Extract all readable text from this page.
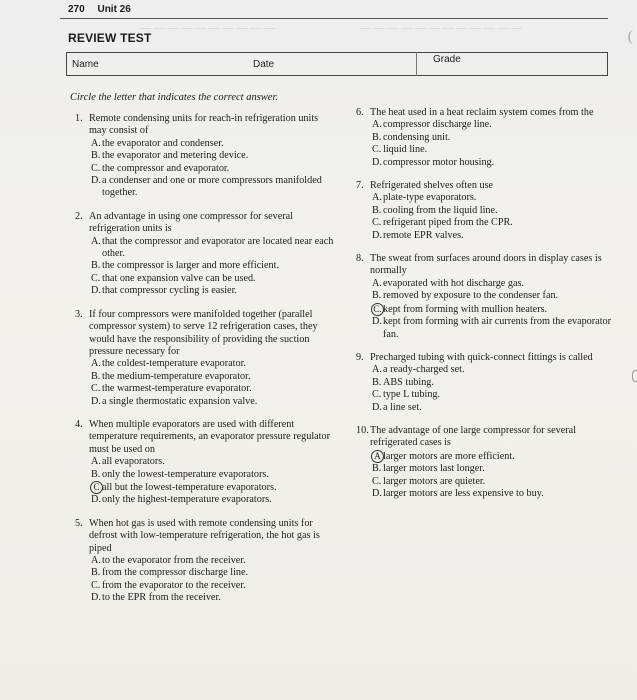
— — — — — — — — — —	— — — — — — — — — — — —
270 Unit 26
(
REVIEW TEST
Name	Date	Grade
Circle the letter that indicates the correct answer.
1. Remote condensing units for reach-in refrigeration units may consist of
A.the evaporator and condenser.
B. the evaporator and metering device.
C. the compressor and evaporator.
D.a condenser and one or more compressors manifolded together.
2. An advantage in using one compressor for several refrigeration units is
A.that the compressor and evaporator are located near each other.
B. the compressor is larger and more efficient.
C. that one expansion valve can be used.
D.that compressor cycling is easier.
3. If four compressors were manifolded together (parallel compressor system) to serve 12 refrigeration cases, they would have the responsibility of providing the suction pressure necessary for
A.the coldest-temperature evaporator.
B. the medium-temperature evaporator.
C. the warmest-temperature evaporator.
D.a single thermostatic expansion valve.
4. When multiple evaporators are used with different temperature requirements, an evaporator pressure regulator must be used on
A.all evaporators.
B. only the lowest-temperature evaporators.
C all but the lowest-temperature evaporators.
D.only the highest-temperature evaporators.
5. When hot gas is used with remote condensing units for defrost with low-temperature refrigeration, the hot gas is piped
A.to the evaporator from the receiver.
B. from the compressor discharge line.
C. from the evaporator to the receiver.
D.to the EPR from the receiver.
6. The heat used in a heat reclaim system comes from the
A.compressor discharge line.
B. condensing unit.
C. liquid line.
D.compressor motor housing.
7. Refrigerated shelves often use
A.plate-type evaporators.
B. cooling from the liquid line.
C. refrigerant piped from the CPR.
D.remote EPR valves.
8. The sweat from surfaces around doors in display cases is normally
A.evaporated with hot discharge gas.
B. removed by exposure to the condenser fan.
C.kept from forming with mullion heaters.
D.kept from forming with air currents from the evaporator fan.
9. Precharged tubing with quick-connect fittings is called
A.a ready-charged set.
B. ABS tubing.
C. type L tubing.
D.a line set.
10. The advantage of one large compressor for several refrigerated cases is
A larger motors are more efficient.
B. larger motors last longer.
C. larger motors are quieter.
D.larger motors are less expensive to buy.
